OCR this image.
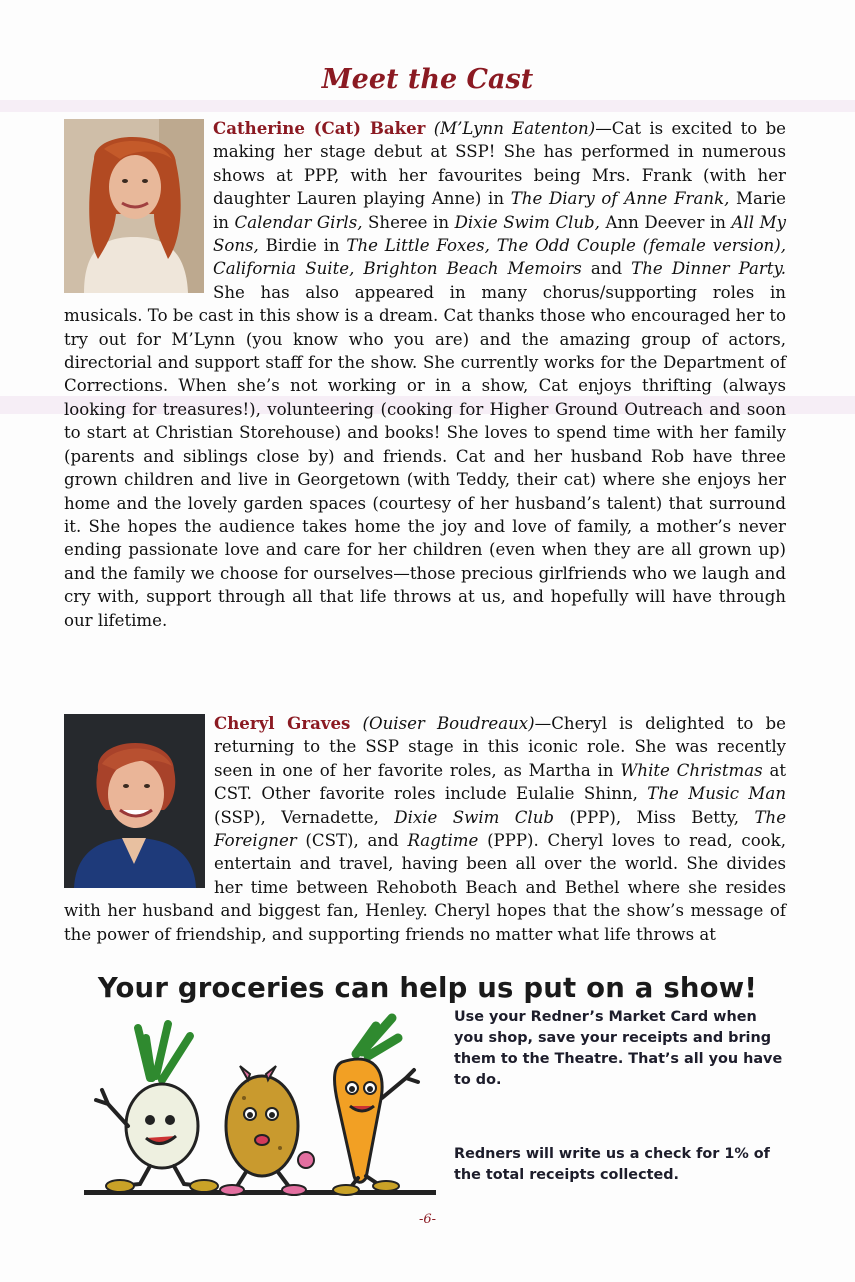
Meet the Cast

Catherine (Cat) Baker (M’Lynn Eatenton)—Cat is excited to be making her stage debut at SSP! She has performed in numerous shows at PPP, with her favourites being Mrs. Frank (with her daughter Lauren playing Anne) in The Diary of Anne Frank, Marie in Calendar Girls, Sheree in Dixie Swim Club, Ann Deever in All My Sons, Birdie in The Little Foxes, The Odd Couple (female version), California Suite, Brighton Beach Memoirs and The Dinner Party. She has also appeared in many chorus/supporting roles in musicals. To be cast in this show is a dream. Cat thanks those who encouraged her to try out for M’Lynn (you know who you are) and the amazing group of actors, directorial and support staff for the show. She currently works for the Department of Corrections. When she’s not working or in a show, Cat enjoys thrifting (always looking for treasures!), volunteering (cooking for Higher Ground Outreach and soon to start at Christian Storehouse) and books! She loves to spend time with her family (parents and siblings close by) and friends. Cat and her husband Rob have three grown children and live in Georgetown (with Teddy, their cat) where she enjoys her home and the lovely garden spaces (courtesy of her husband’s talent) that surround it. She hopes the audience takes home the joy and love of family, a mother’s never ending passionate love and care for her children (even when they are all grown up) and the family we choose for ourselves—those precious girlfriends who we laugh and cry with, support through all that life throws at us, and hopefully will have through our lifetime.

Cheryl Graves (Ouiser Boudreaux)—Cheryl is delighted to be returning to the SSP stage in this iconic role. She was recently seen in one of her favorite roles, as Martha in White Christmas at CST. Other favorite roles include Eulalie Shinn, The Music Man (SSP), Vernadette, Dixie Swim Club (PPP), Miss Betty, The Foreigner (CST), and Ragtime (PPP). Cheryl loves to read, cook, entertain and travel, having been all over the world. She divides her time between Rehoboth Beach and Bethel where she resides with her husband and biggest fan, Henley. Cheryl hopes that the show’s message of the power of friendship, and supporting friends no matter what life throws at

Your groceries can help us put on a show!

Use your Redner’s Market Card when you shop, save your receipts and bring them to the Theatre. That’s all you have to do.

Redners will write us a check for 1% of the total receipts collected.

-6-
